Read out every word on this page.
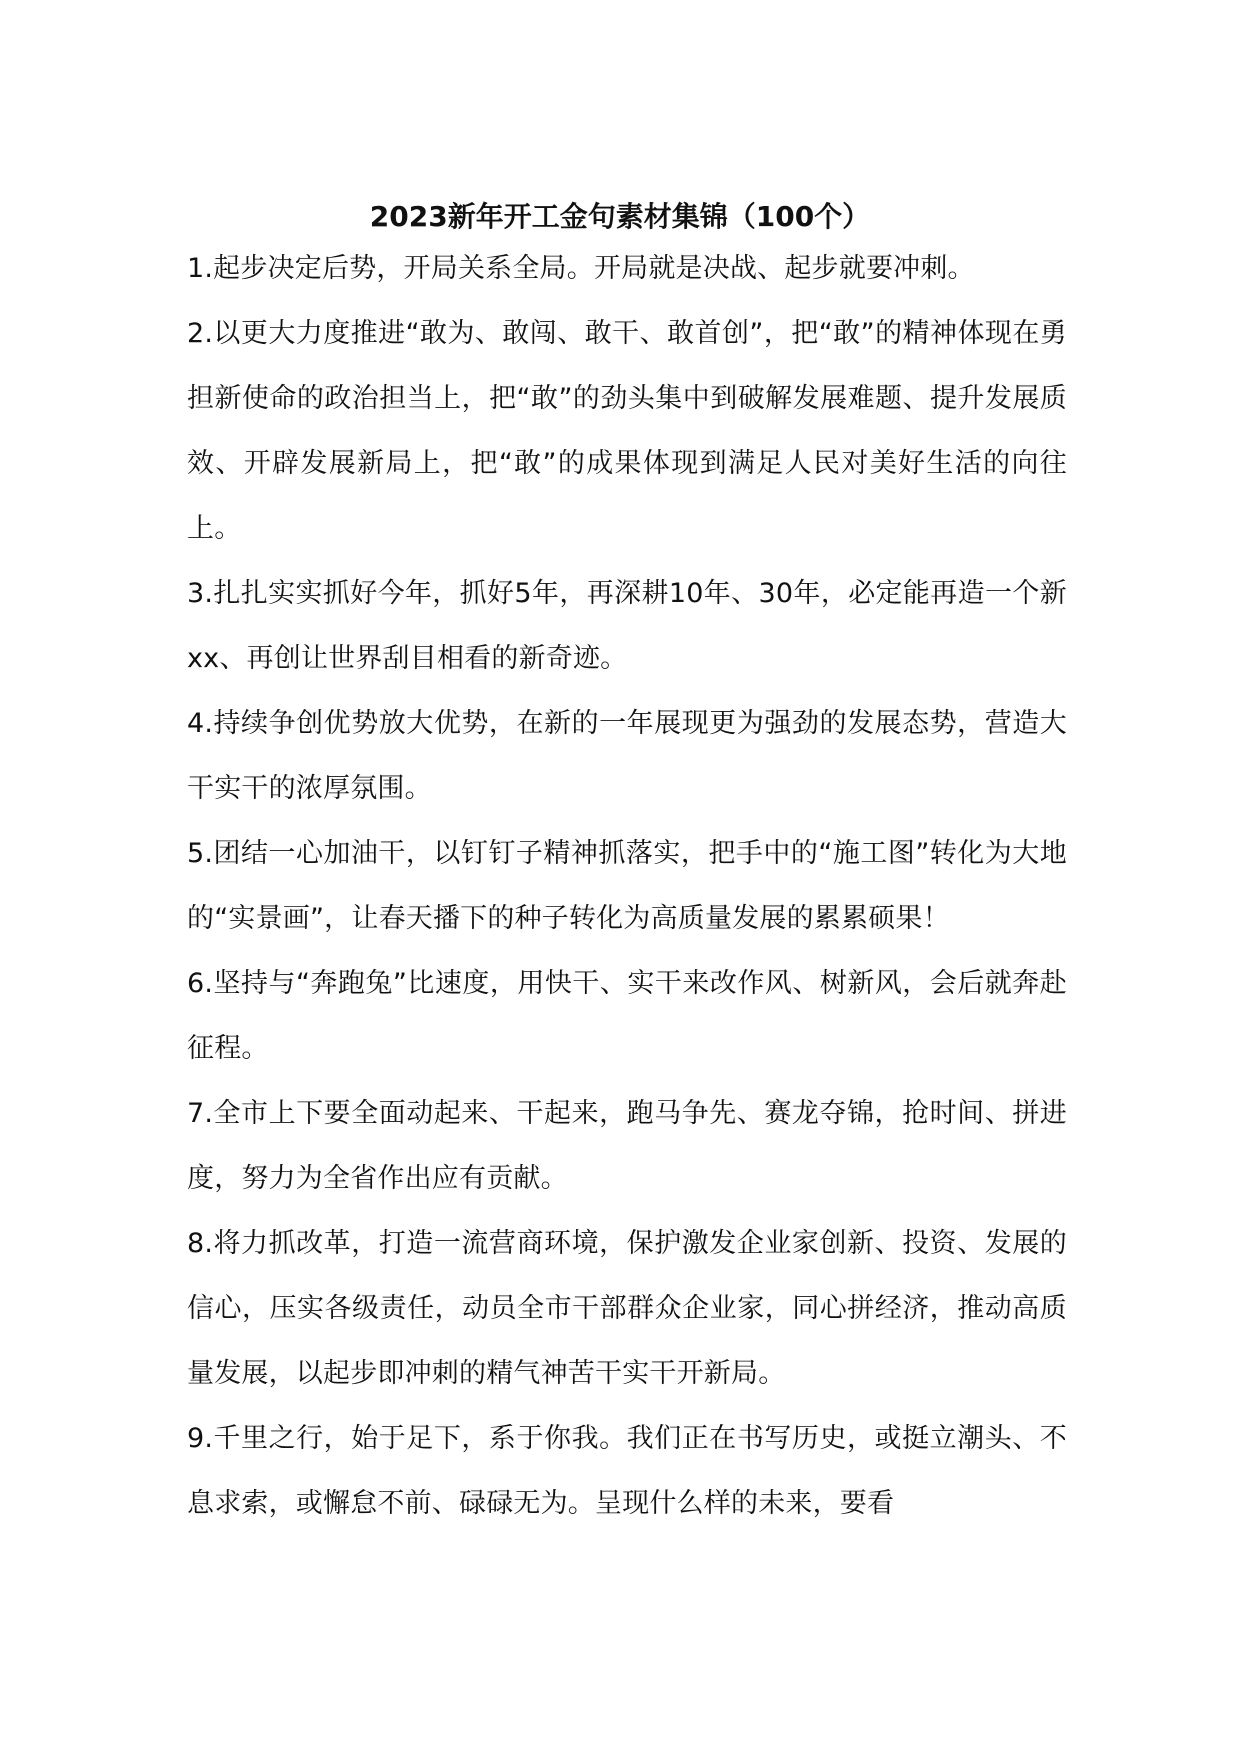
2023新年开工金句素材集锦（100个）

1.起步决定后势，开局关系全局。开局就是决战、起步就要冲刺。

2.以更大力度推进“敢为、敢闯、敢干、敢首创”，把“敢”的精神体现在勇担新使命的政治担当上，把“敢”的劲头集中到破解发展难题、提升发展质效、开辟发展新局上，把“敢”的成果体现到满足人民对美好生活的向往上。

3.扎扎实实抓好今年，抓好5年，再深耕10年、30年，必定能再造一个新xx、再创让世界刮目相看的新奇迹。

4.持续争创优势放大优势，在新的一年展现更为强劲的发展态势，营造大干实干的浓厚氛围。

5.团结一心加油干，以钉钉子精神抓落实，把手中的“施工图”转化为大地的“实景画”，让春天播下的种子转化为高质量发展的累累硕果！

6.坚持与“奔跑兔”比速度，用快干、实干来改作风、树新风，会后就奔赴征程。

7.全市上下要全面动起来、干起来，跑马争先、赛龙夺锦，抢时间、拼进度，努力为全省作出应有贡献。

8.将力抓改革，打造一流营商环境，保护激发企业家创新、投资、发展的信心，压实各级责任，动员全市干部群众企业家，同心拼经济，推动高质量发展，以起步即冲刺的精气神苦干实干开新局。

9.千里之行，始于足下，系于你我。我们正在书写历史，或挺立潮头、不息求索，或懈怠不前、碌碌无为。呈现什么样的未来，要看
